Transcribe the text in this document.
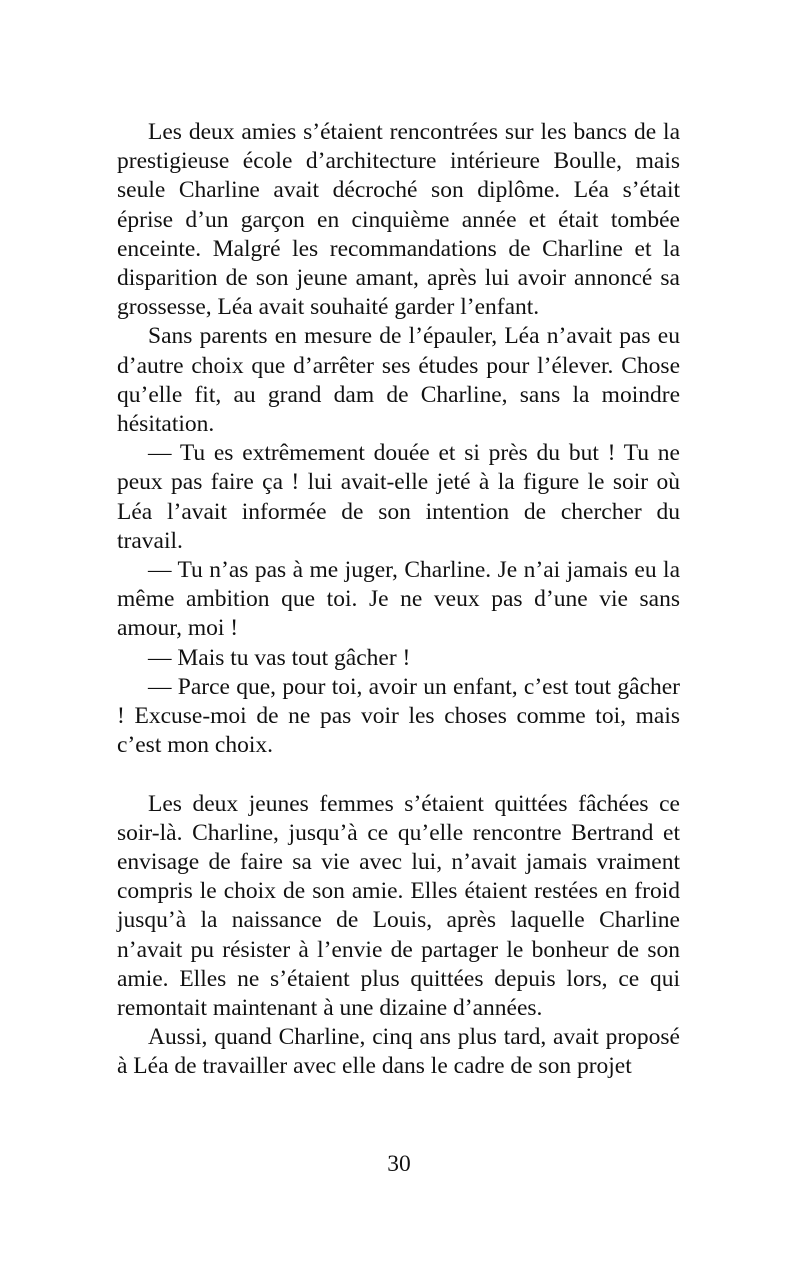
Les deux amies s’étaient rencontrées sur les bancs de la prestigieuse école d’architecture intérieure Boulle, mais seule Charline avait décroché son diplôme. Léa s’était éprise d’un garçon en cinquième année et était tombée enceinte. Malgré les recommandations de Charline et la disparition de son jeune amant, après lui avoir annoncé sa grossesse, Léa avait souhaité garder l’enfant.

Sans parents en mesure de l’épauler, Léa n’avait pas eu d’autre choix que d’arrêter ses études pour l’élever. Chose qu’elle fit, au grand dam de Charline, sans la moindre hésitation.

— Tu es extrêmement douée et si près du but ! Tu ne peux pas faire ça ! lui avait-elle jeté à la figure le soir où Léa l’avait informée de son intention de chercher du travail.

— Tu n’as pas à me juger, Charline. Je n’ai jamais eu la même ambition que toi. Je ne veux pas d’une vie sans amour, moi !

— Mais tu vas tout gâcher !

— Parce que, pour toi, avoir un enfant, c’est tout gâcher ! Excuse-moi de ne pas voir les choses comme toi, mais c’est mon choix.

Les deux jeunes femmes s’étaient quittées fâchées ce soir-là. Charline, jusqu’à ce qu’elle rencontre Bertrand et envisage de faire sa vie avec lui, n’avait jamais vraiment compris le choix de son amie. Elles étaient restées en froid jusqu’à la naissance de Louis, après laquelle Charline n’avait pu résister à l’envie de partager le bonheur de son amie. Elles ne s’étaient plus quittées depuis lors, ce qui remontait maintenant à une dizaine d’années.

Aussi, quand Charline, cinq ans plus tard, avait proposé à Léa de travailler avec elle dans le cadre de son projet

30
